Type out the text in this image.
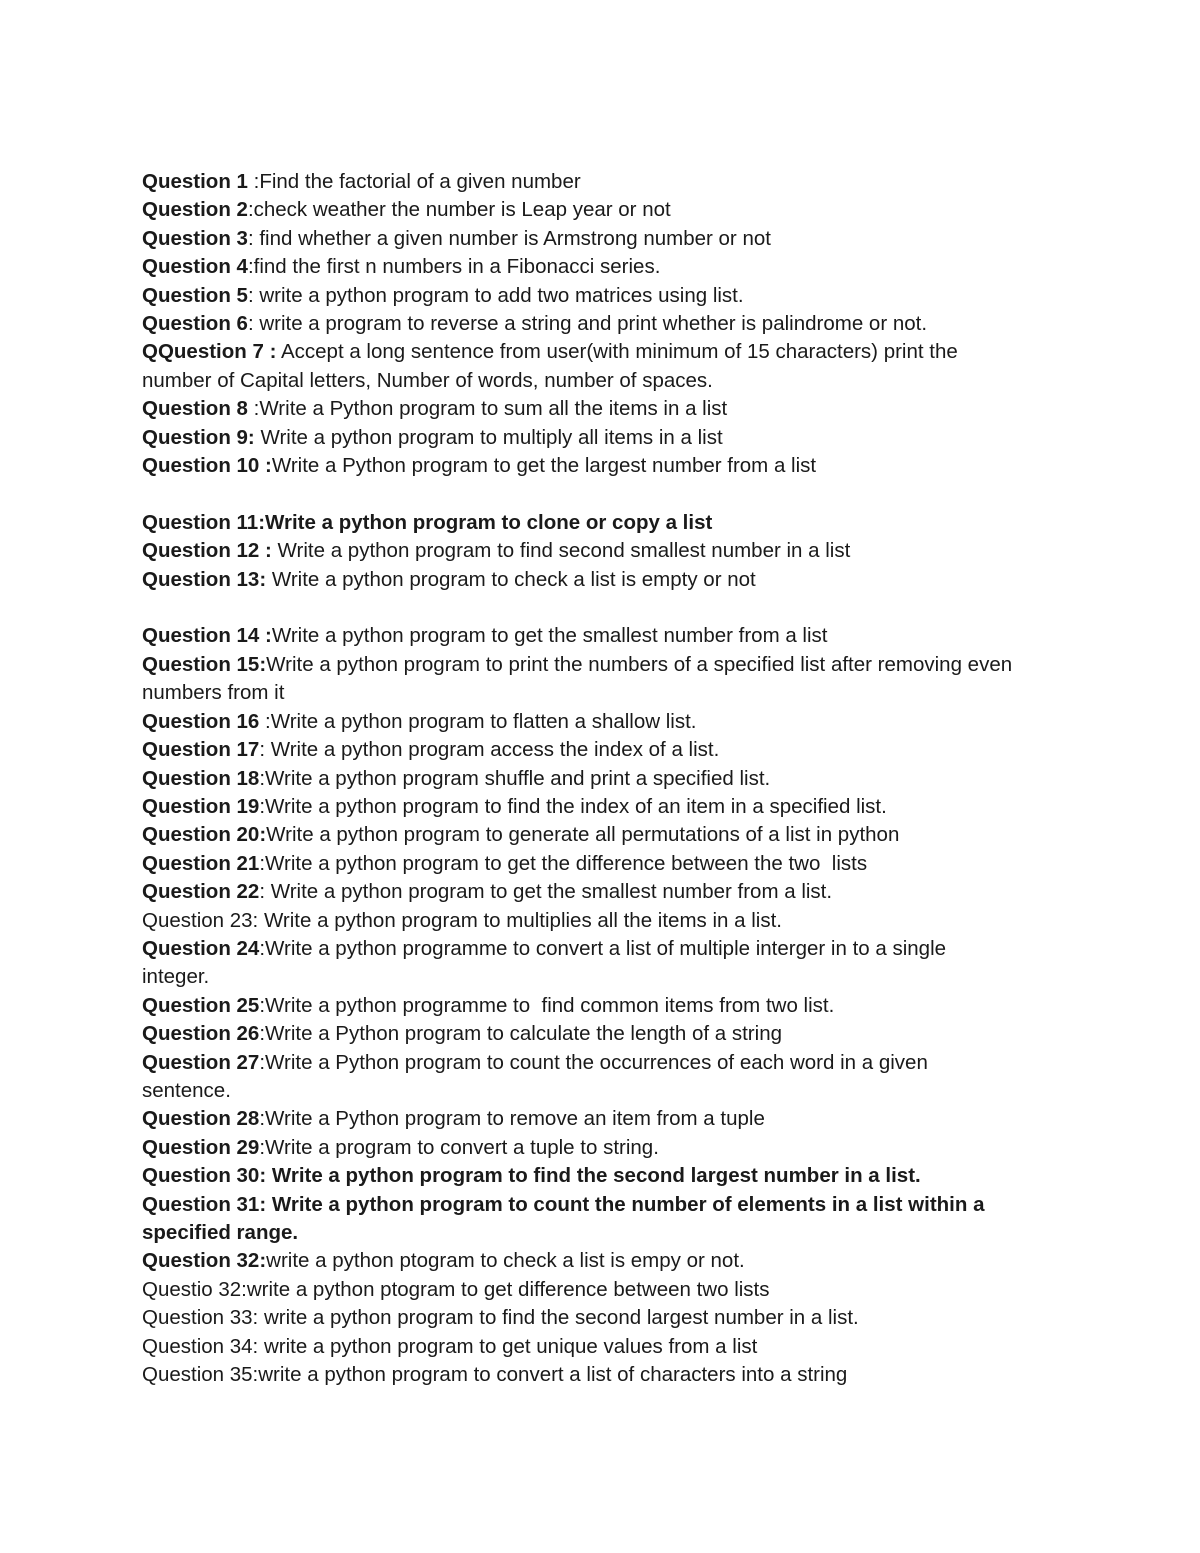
Question 1 :Find the factorial of a given number

Question 2:check weather the number is Leap year or not

Question 3: find whether a given number is Armstrong number or not

Question 4:find the first n numbers in a Fibonacci series.

Question 5: write a python program to add two matrices using list.

Question 6: write a program to reverse a string and print whether is palindrome or not.

QQuestion 7 : Accept a long sentence from user(with minimum of 15 characters) print the

number of Capital letters, Number of words, number of spaces.

Question 8 :Write a Python program to sum all the items in a list

Question 9: Write a python program to multiply all items in a list

Question 10 :Write a Python program to get the largest number from a list

Question 11:Write a python program to clone or copy a list

Question 12 : Write a python program to find second smallest number in a list

Question 13: Write a python program to check a list is empty or not

Question 14 :Write a python program to get the smallest number from a list

Question 15:Write a python program to print the numbers of a specified list after removing even

numbers from it

Question 16 :Write a python program to flatten a shallow list.

Question 17: Write a python program access the index of a list.

Question 18:Write a python program shuffle and print a specified list.

Question 19:Write a python program to find the index of an item in a specified list.

Question 20:Write a python program to generate all permutations of a list in python

Question 21:Write a python program to get the difference between the two  lists

Question 22: Write a python program to get the smallest number from a list.

Question 23: Write a python program to multiplies all the items in a list.

Question 24:Write a python programme to convert a list of multiple interger in to a single

integer.

Question 25:Write a python programme to  find common items from two list.

Question 26:Write a Python program to calculate the length of a string

Question 27:Write a Python program to count the occurrences of each word in a given

sentence.

Question 28:Write a Python program to remove an item from a tuple

Question 29:Write a program to convert a tuple to string.

Question 30: Write a python program to find the second largest number in a list.

Question 31: Write a python program to count the number of elements in a list within a

specified range.

Question 32:write a python ptogram to check a list is empy or not.

Questio 32:write a python ptogram to get difference between two lists

Question 33: write a python program to find the second largest number in a list.

Question 34: write a python program to get unique values from a list

Question 35:write a python program to convert a list of characters into a string
